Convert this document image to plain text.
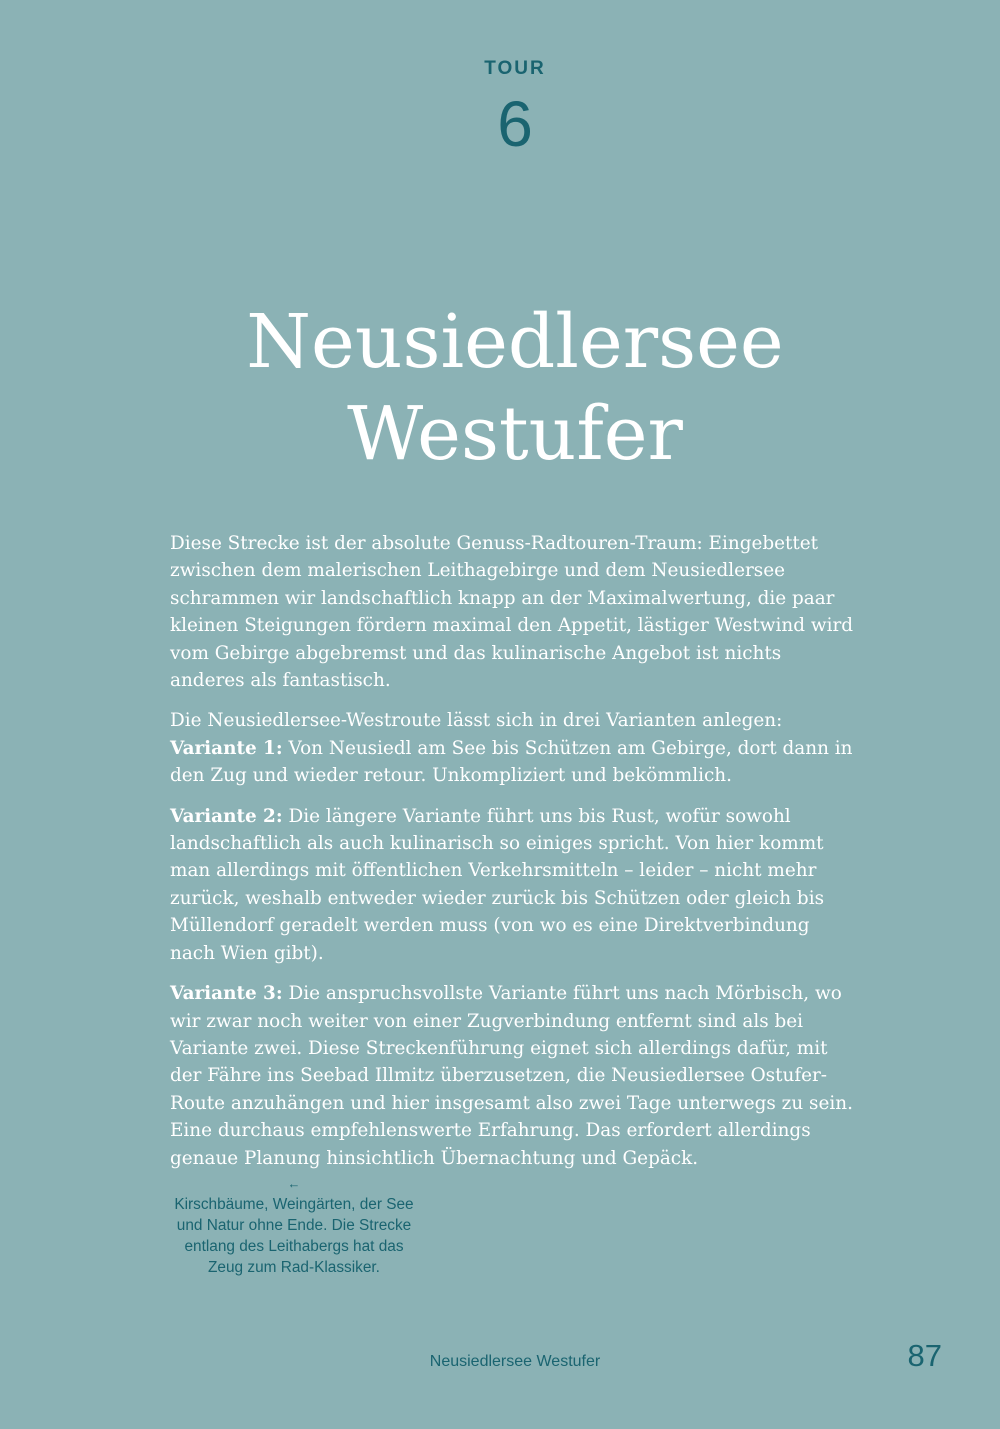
TOUR
6
Neusiedlersee
Westufer

Diese Strecke ist der absolute Genuss-Radtouren-Traum: Eingebettet zwischen dem malerischen Leithagebirge und dem Neusiedlersee schrammen wir landschaftlich knapp an der Maximalwertung, die paar kleinen Steigungen fördern maximal den Appetit, lästiger Westwind wird vom Gebirge abgebremst und das kulinarische Angebot ist nichts anderes als fantastisch.

Die Neusiedlersee-Westroute lässt sich in drei Varianten anlegen:
Variante 1: Von Neusiedl am See bis Schützen am Gebirge, dort dann in den Zug und wieder retour. Unkompliziert und bekömmlich.

Variante 2: Die längere Variante führt uns bis Rust, wofür sowohl landschaftlich als auch kulinarisch so einiges spricht. Von hier kommt man allerdings mit öffentlichen Verkehrsmitteln – leider – nicht mehr zurück, weshalb entweder wieder zurück bis Schützen oder gleich bis Müllendorf geradelt werden muss (von wo es eine Direktverbindung nach Wien gibt).

Variante 3: Die anspruchsvollste Variante führt uns nach Mörbisch, wo wir zwar noch weiter von einer Zugverbindung entfernt sind als bei Variante zwei. Diese Streckenführung eignet sich allerdings dafür, mit der Fähre ins Seebad Illmitz überzusetzen, die Neusiedlersee Ostufer-Route anzuhängen und hier insgesamt also zwei Tage unterwegs zu sein. Eine durchaus empfehlenswerte Erfahrung. Das erfordert allerdings genaue Planung hinsichtlich Übernachtung und Gepäck.

←
Kirschbäume, Weingärten, der See und Natur ohne Ende. Die Strecke entlang des Leithabergs hat das Zeug zum Rad-Klassiker.
Neusiedlersee Westufer	87
